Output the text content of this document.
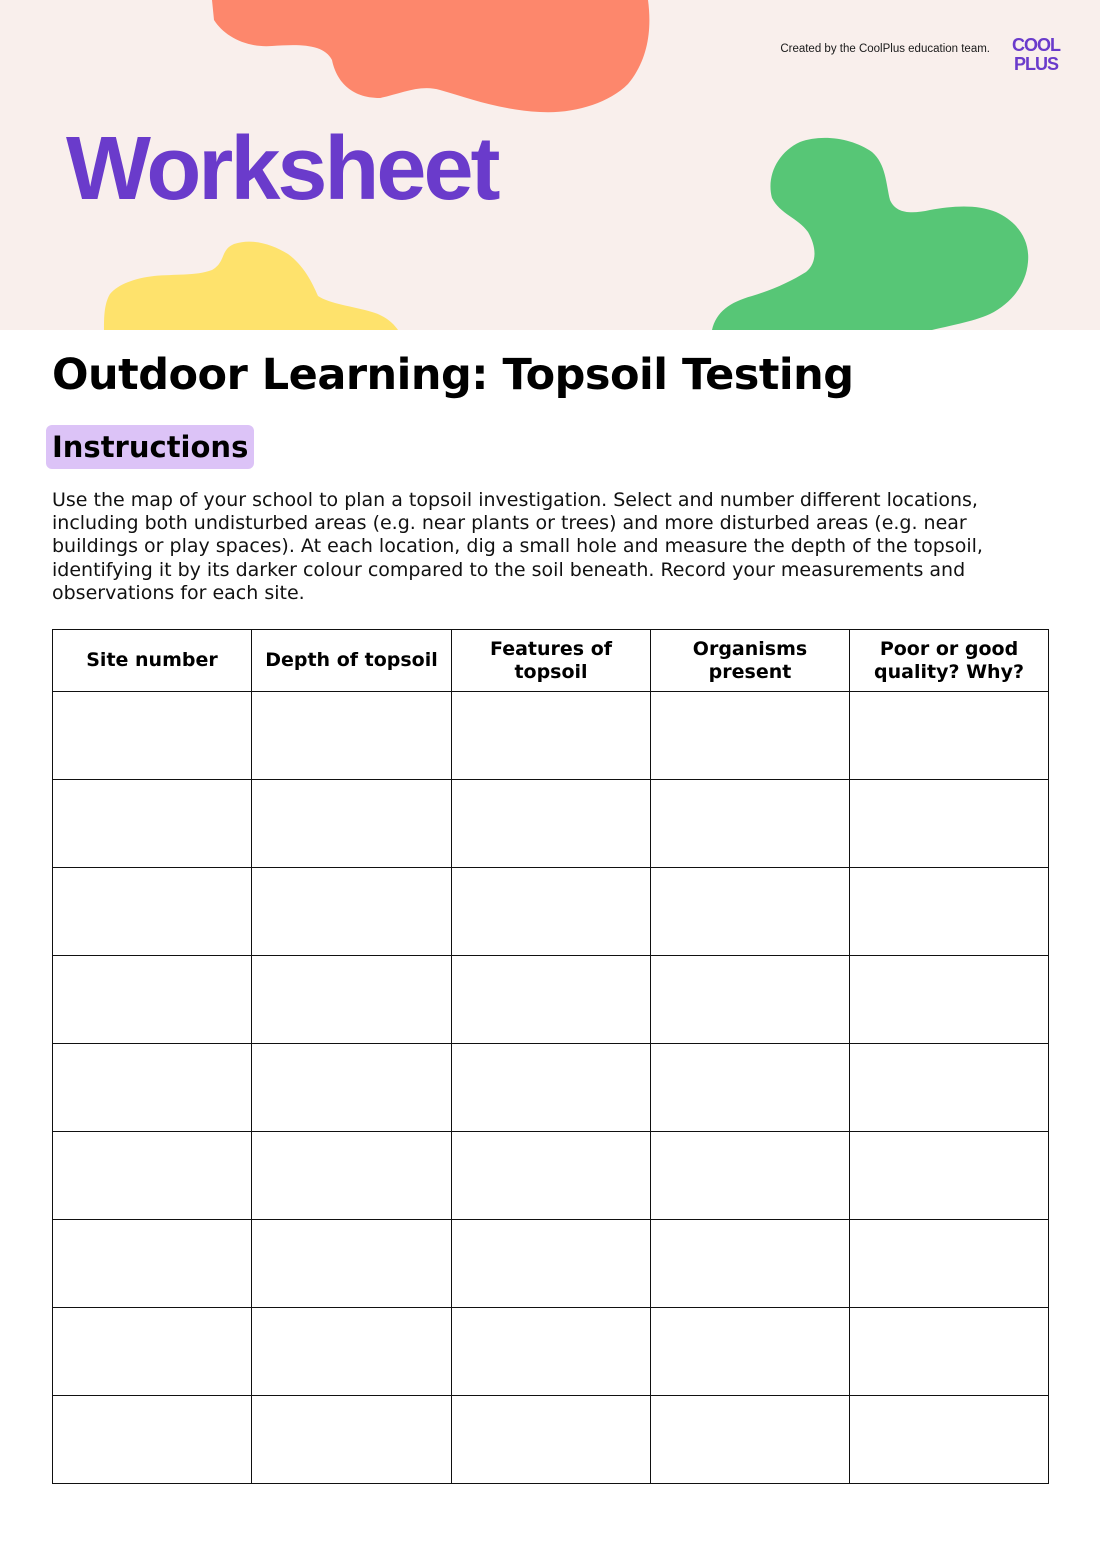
Created by the CoolPlus education team. COOL
PLUS
Worksheet
Outdoor Learning: Topsoil Testing
Instructions
Use the map of your school to plan a topsoil investigation. Select and number different locations, including both undisturbed areas (e.g. near plants or trees) and more disturbed areas (e.g. near buildings or play spaces). At each location, dig a small hole and measure the depth of the topsoil, identifying it by its darker colour compared to the soil beneath. Record your measurements and observations for each site.
Site number	Depth of topsoil	Features of topsoil	Organisms present	Poor or good quality? Why?
